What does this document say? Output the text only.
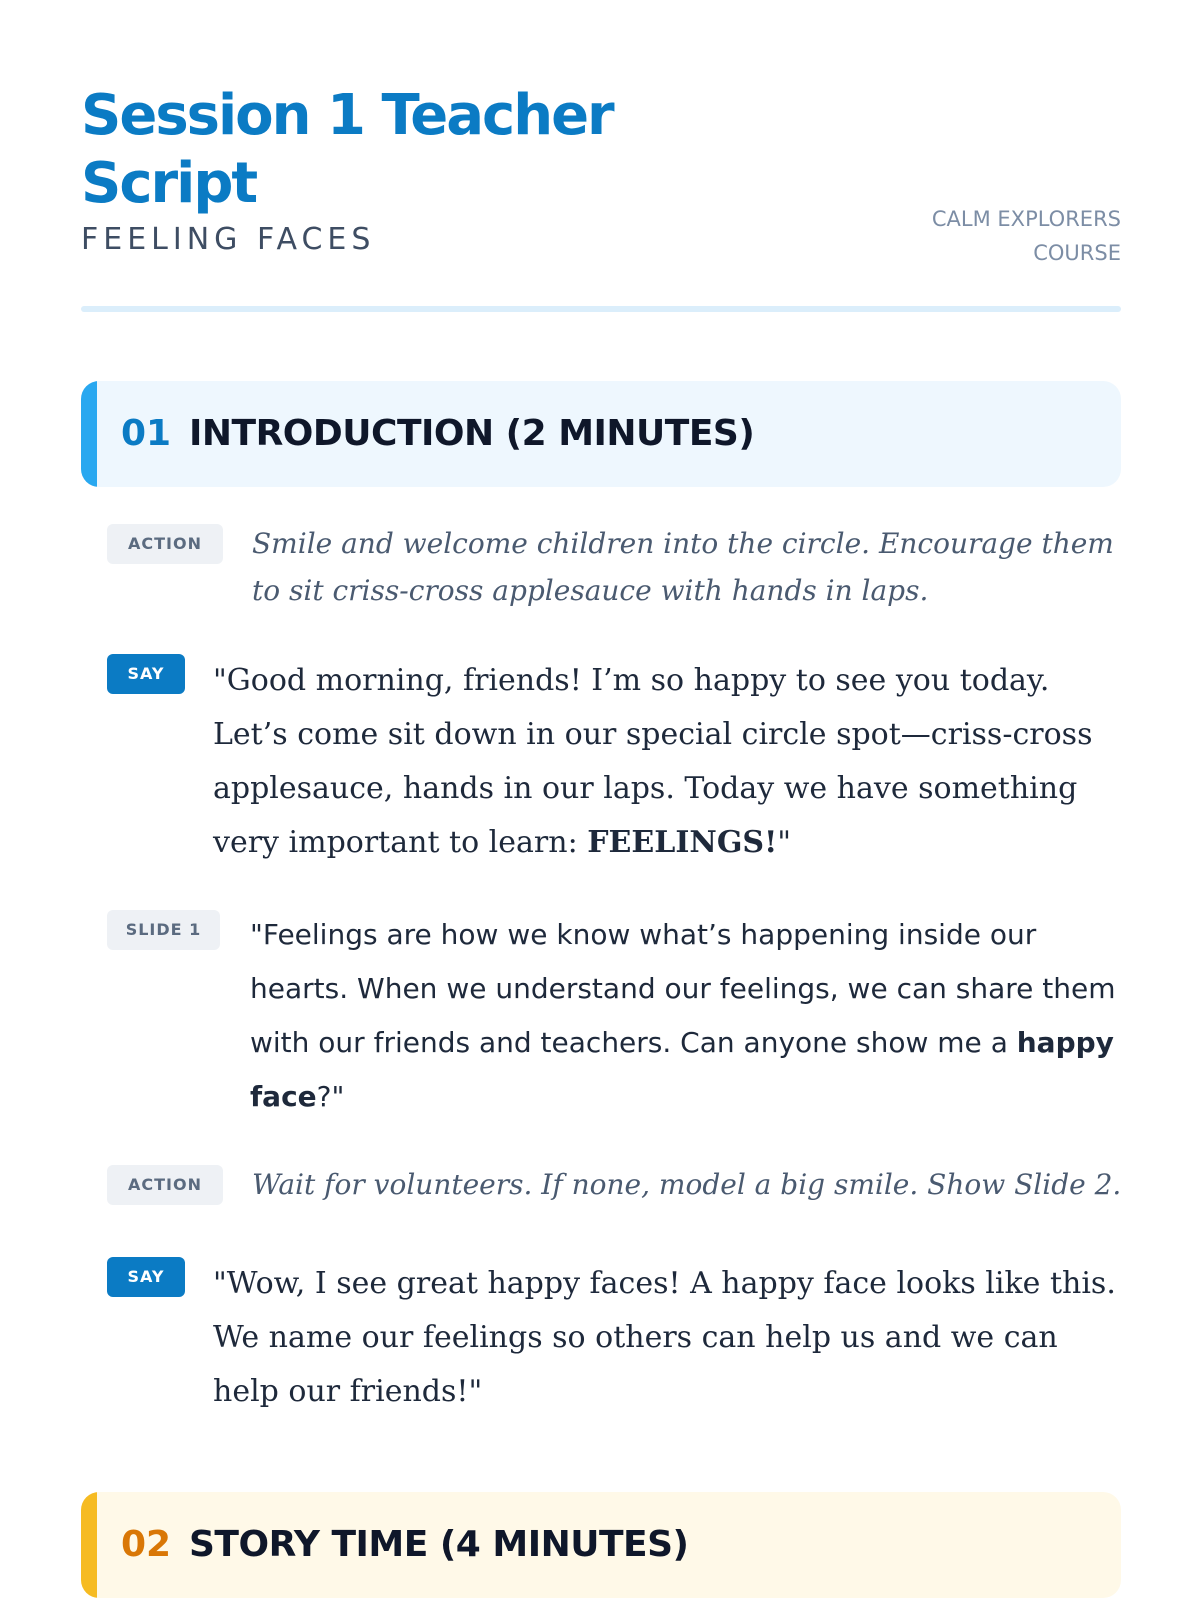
Session 1 Teacher Script
FEELING FACES
CALM EXPLORERS
COURSE
01 INTRODUCTION (2 MINUTES)
ACTION	Smile and welcome children into the circle. Encourage them to sit criss-cross applesauce with hands in laps.

SAY	"Good morning, friends! I’m so happy to see you today. Let’s come sit down in our special circle spot—criss-cross applesauce, hands in our laps. Today we have something very important to learn: FEELINGS!"

SLIDE 1	"Feelings are how we know what’s happening inside our hearts. When we understand our feelings, we can share them with our friends and teachers. Can anyone show me a happy face?"

ACTION	Wait for volunteers. If none, model a big smile. Show Slide 2.

SAY	"Wow, I see great happy faces! A happy face looks like this. We name our feelings so others can help us and we can help our friends!"

02 STORY TIME (4 MINUTES)
